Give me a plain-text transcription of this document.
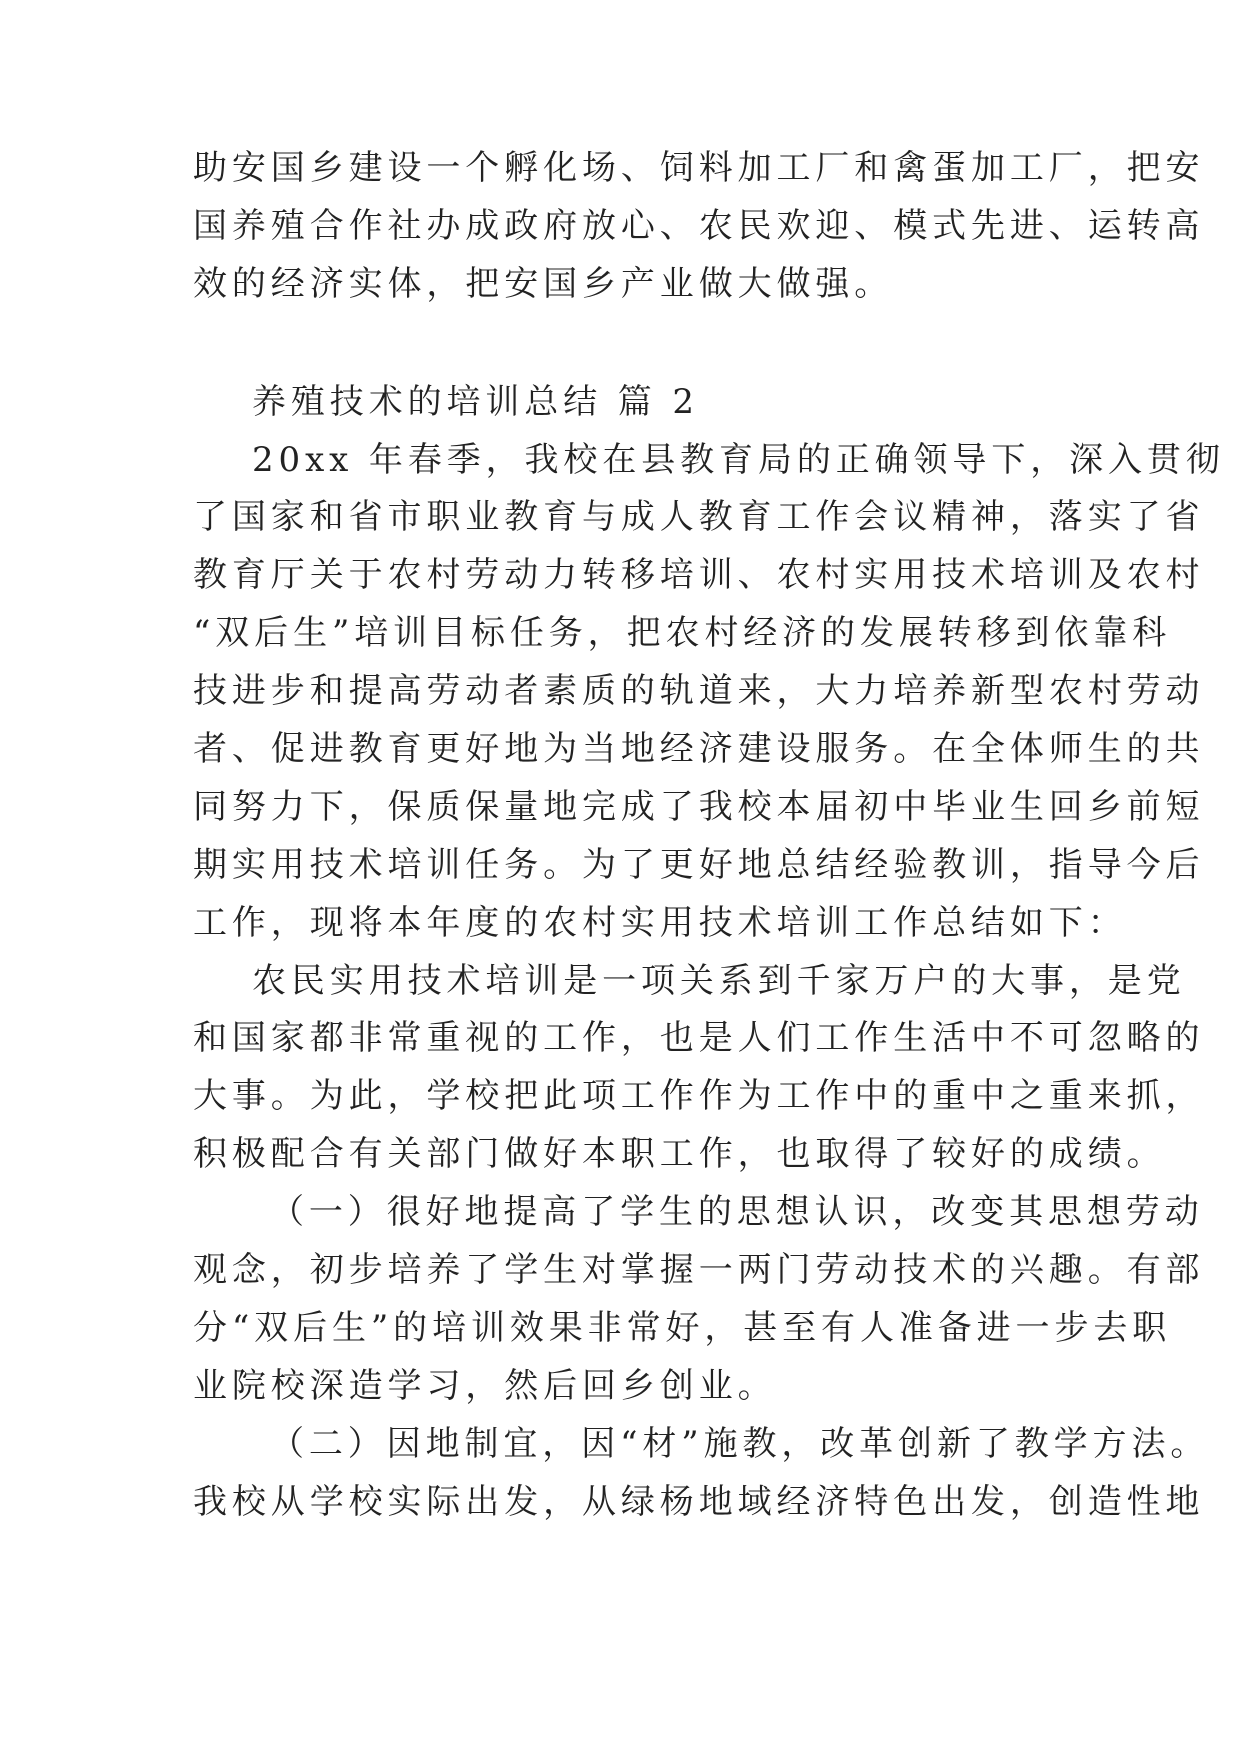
助安国乡建设一个孵化场、饲料加工厂和禽蛋加工厂，把安
国养殖合作社办成政府放心、农民欢迎、模式先进、运转高
效的经济实体，把安国乡产业做大做强。
养殖技术的培训总结 篇 2
20xx 年春季，我校在县教育局的正确领导下，深入贯彻
了国家和省市职业教育与成人教育工作会议精神，落实了省
教育厅关于农村劳动力转移培训、农村实用技术培训及农村
“双后生”培训目标任务，把农村经济的发展转移到依靠科
技进步和提高劳动者素质的轨道来，大力培养新型农村劳动
者、促进教育更好地为当地经济建设服务。在全体师生的共
同努力下，保质保量地完成了我校本届初中毕业生回乡前短
期实用技术培训任务。为了更好地总结经验教训，指导今后
工作，现将本年度的农村实用技术培训工作总结如下：
农民实用技术培训是一项关系到千家万户的大事，是党
和国家都非常重视的工作，也是人们工作生活中不可忽略的
大事。为此，学校把此项工作作为工作中的重中之重来抓，
积极配合有关部门做好本职工作，也取得了较好的成绩。
（一）很好地提高了学生的思想认识，改变其思想劳动
观念，初步培养了学生对掌握一两门劳动技术的兴趣。有部
分“双后生”的培训效果非常好，甚至有人准备进一步去职
业院校深造学习，然后回乡创业。
（二）因地制宜，因“材”施教，改革创新了教学方法。
我校从学校实际出发，从绿杨地域经济特色出发，创造性地
